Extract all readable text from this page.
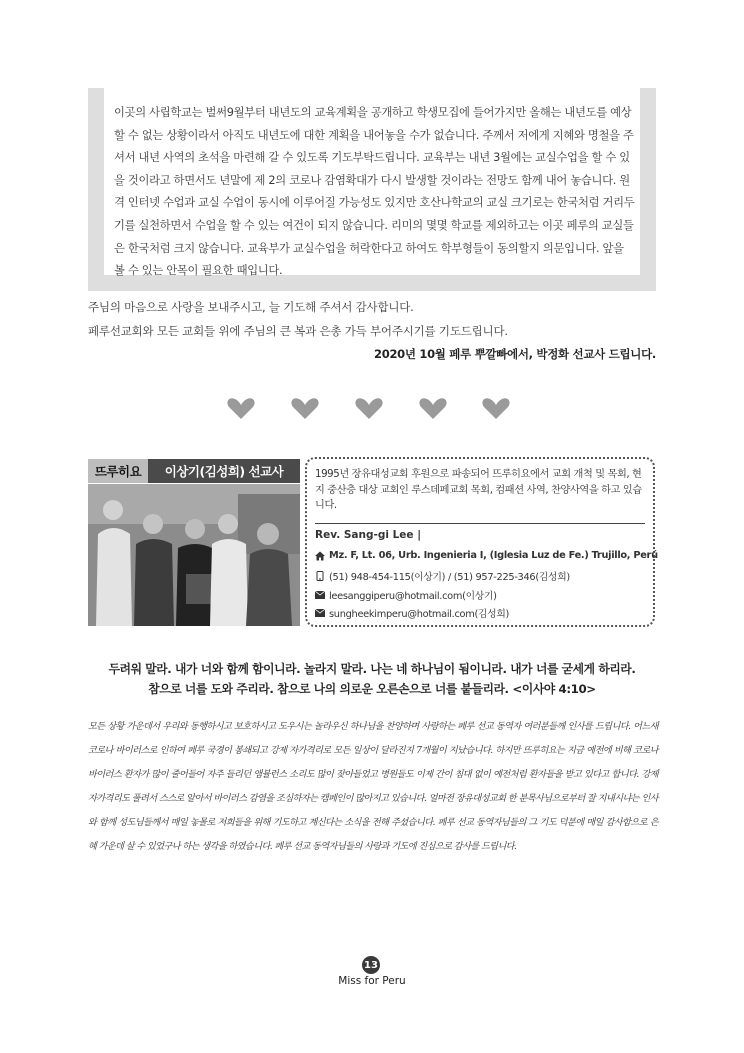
이곳의 사립학교는 벌써9월부터 내년도의 교육계획을 공개하고 학생모집에 들어가지만 올해는 내년도를 예상할 수 없는 상황이라서 아직도 내년도에 대한 계획을 내어놓을 수가 없습니다. 주께서 저에게 지혜와 명철을 주셔서 내년 사역의 초석을 마련해 갈 수 있도록 기도부탁드립니다. 교육부는 내년 3월에는 교실수업을 할 수 있을 것이라고 하면서도 년말에 제 2의 코로나 감염확대가 다시 발생할 것이라는 전망도 함께 내어 놓습니다. 원격 인터넷 수업과 교실 수업이 동시에 이루어질 가능성도 있지만 호산나학교의 교실 크기로는 한국처럼 거리두기를 실천하면서 수업을 할 수 있는 여건이 되지 않습니다. 리미의 몇몇 학교를 제외하고는 이곳 페루의 교실들은 한국처럼 크지 않습니다. 교육부가 교실수업을 허락한다고 하여도 학부형들이 동의할지 의문입니다. 앞을 볼 수 있는 안목이 필요한 때입니다.

주님의 마음으로 사랑을 보내주시고, 늘 기도해 주셔서 감사합니다.

페루선교회와 모든 교회들 위에 주님의 큰 복과 은총 가득 부어주시기를 기도드립니다.

2020년 10월 페루 뿌깔빠에서, 박정화 선교사 드립니다.

뜨루히요	이상기(김성희) 선교사	1995년 장유대성교회 후원으로 파송되어 뜨루히요에서 교회 개척 및 목회, 현지 중산층 대상 교회인 루스데페교회 목회, 컴패션 사역, 찬양사역을 하고 있습니다.

Rev. Sang-gi Lee |
Mz. F, Lt. 06, Urb. Ingenieria I, (Iglesia Luz de Fe.) Trujillo, Perú
(51) 948-454-115(이상기) / (51) 957-225-346(김성희)
leesanggiperu@hotmail.com(이상기)
sungheekimperu@hotmail.com(김성희)

두려워 말라. 내가 너와 함께 함이니라. 놀라지 말라. 나는 네 하나님이 됨이니라. 내가 너를 굳세게 하리라.

참으로 너를 도와 주리라. 참으로 나의 의로운 오른손으로 너를 붙들리라. <이사야 4:10>

모든 상황 가운데서 우리와 동행하시고 보호하시고 도우시는 놀라우신 하나님을 찬양하며 사랑하는 페루 선교 동역자 여러분들께 인사를 드립니다. 어느새 코로나 바이러스로 인하여 페루 국경이 봉쇄되고 강제 자가격리로 모든 일상이 달라진지 7개월이 지났습니다. 하지만 뜨루히요는 지금 예전에 비해 코로나 바이러스 환자가 많이 줄어들어 자주 들리던 앰뷸런스 소리도 많이 잦아들었고 병원들도 이제 간이 침대 없이 예전처럼 환자들을 받고 있다고 합니다. 강제자가격리도 풀려서 스스로 알아서 바이러스 감염을 조심하자는 캠페인이 많아지고 있습니다. 얼마전 장유대성교회 한 분목사님으로부터 잘 지내시냐는 인사와 함께 성도님들께서 매일 놓몰로 저희들을 위해 기도하고 계신다는 소식을 전해 주셨습니다. 페루 선교 동역자님들의 그 기도 덕분에 매일 감사함으로 은혜 가운데 살 수 있었구나 하는 생각을 하였습니다. 페루 선교 동역자님들의 사랑과 기도에 진심으로 감사를 드립니다.

13

Miss for Peru
